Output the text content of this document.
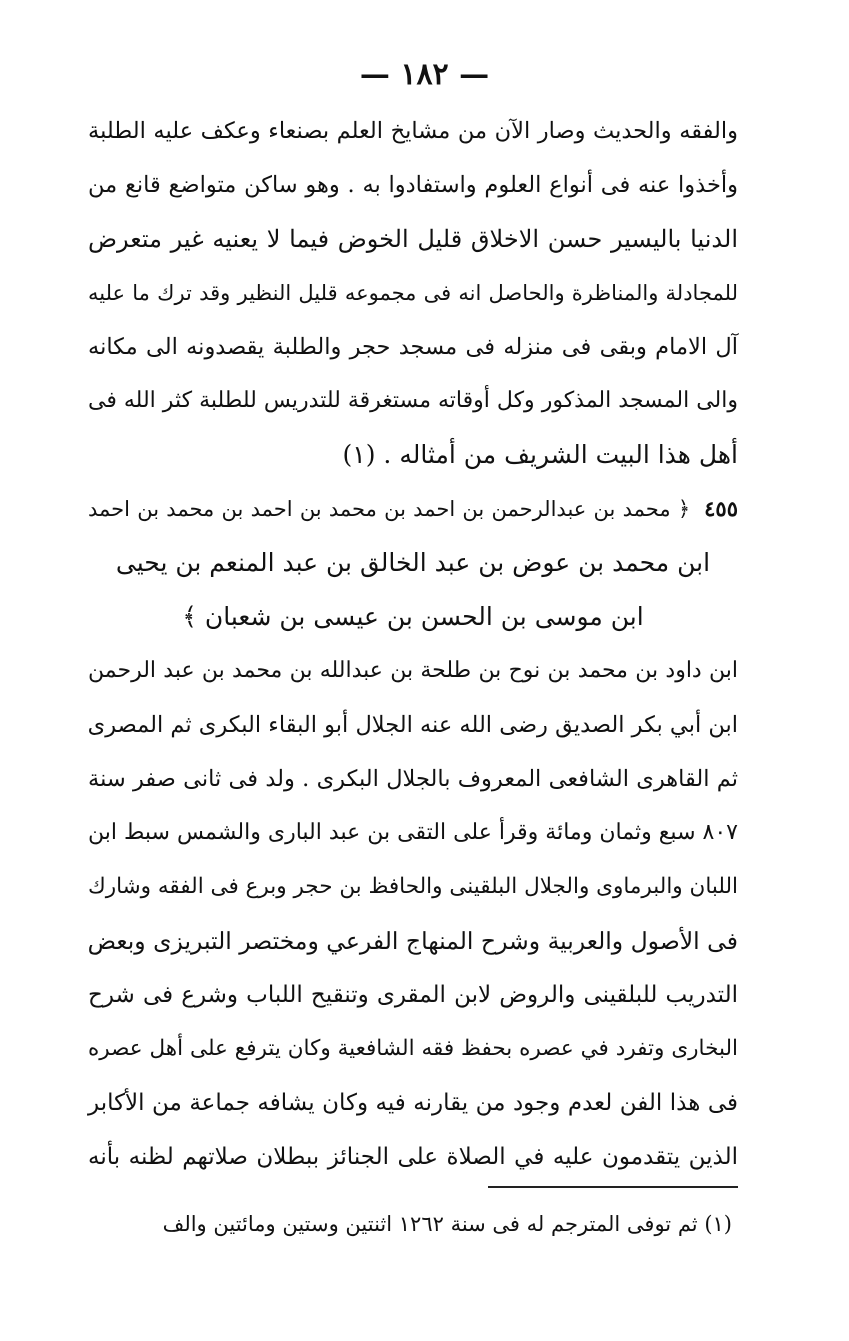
— ١٨٢ —
والفقه والحديث وصار الآن من مشايخ العلم بصنعاء وعكف عليه الطلبة
وأخذوا عنه فى أنواع العلوم واستفادوا به . وهو ساكن متواضع قانع من
الدنيا باليسير حسن الاخلاق قليل الخوض فيما لا يعنيه غير متعرض
للمجادلة والمناظرة والحاصل انه فى مجموعه قليل النظير وقد ترك ما عليه
آل الامام وبقى فى منزله فى مسجد حجر والطلبة يقصدونه الى مكانه
والى المسجد المذكور وكل أوقاته مستغرقة للتدريس للطلبة كثر الله فى
أهل هذا البيت الشريف من أمثاله . (١)
٤٥٥﴿ محمد بن عبدالرحمن بن احمد بن محمد بن احمد بن محمد بن احمد
ابن محمد بن عوض بن عبد الخالق بن عبد المنعم بن يحيى
ابن موسى بن الحسن بن عيسى بن شعبان ﴾
ابن داود بن محمد بن نوح بن طلحة بن عبدالله بن محمد بن عبد الرحمن
ابن أبي بكر الصديق رضى الله عنه الجلال أبو البقاء البكرى ثم المصرى
ثم القاهرى الشافعى المعروف بالجلال البكرى . ولد فى ثانى صفر سنة
٨٠٧ سبع وثمان ومائة وقرأ على التقى بن عبد البارى والشمس سبط ابن
اللبان والبرماوى والجلال البلقينى والحافظ بن حجر وبرع فى الفقه وشارك
فى الأصول والعربية وشرح المنهاج الفرعي ومختصر التبريزى وبعض
التدريب للبلقينى والروض لابن المقرى وتنقيح اللباب وشرع فى شرح
البخارى وتفرد في عصره بحفظ فقه الشافعية وكان يترفع على أهل عصره
فى هذا الفن لعدم وجود من يقارنه فيه وكان يشافه جماعة من الأكابر
الذين يتقدمون عليه في الصلاة على الجنائز ببطلان صلاتهم لظنه بأنه
(١) ثم توفى المترجم له فى سنة ١٢٦٢ اثنتين وستين ومائتين والف
